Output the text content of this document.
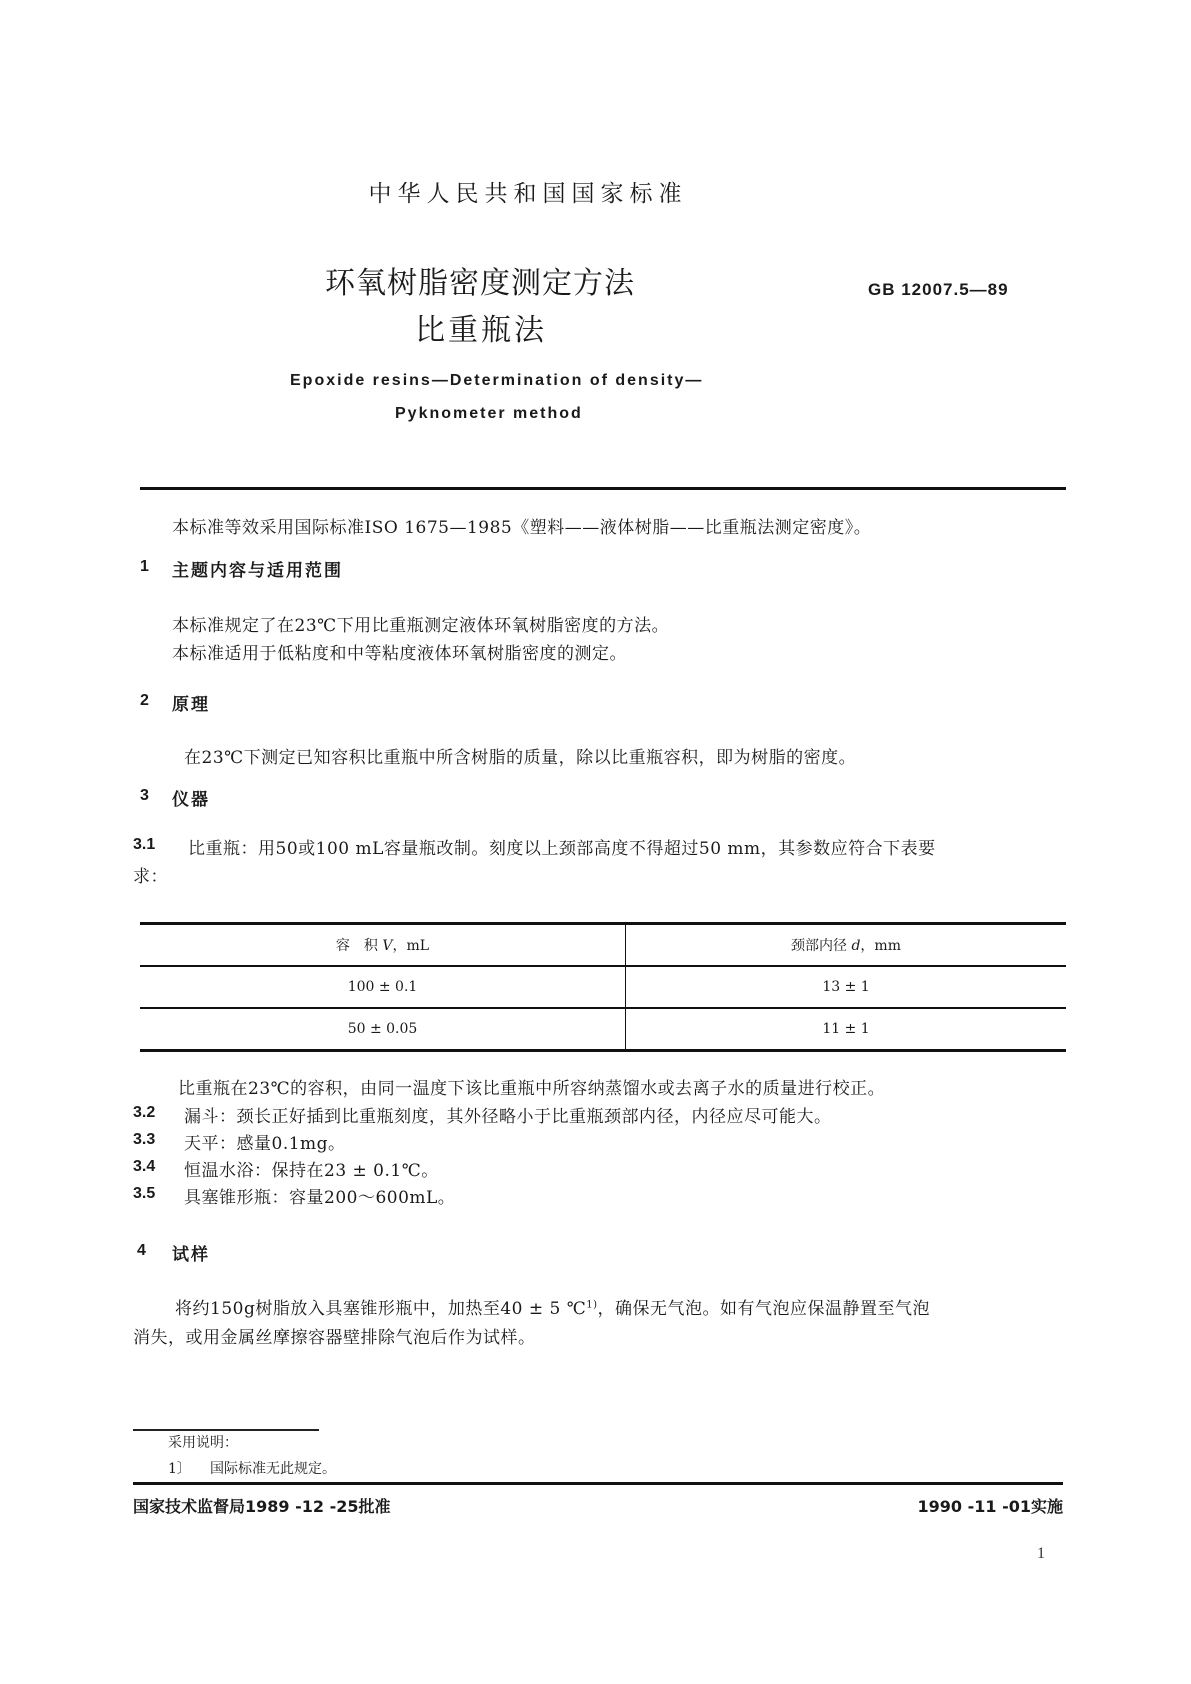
中华人民共和国国家标准
环氧树脂密度测定方法
比重瓶法
GB 12007.5—89
Epoxide resins—Determination of density—
Pyknometer method
本标准等效采用国际标准ISO 1675—1985《塑料——液体树脂——比重瓶法测定密度》。
1 主题内容与适用范围
本标准规定了在23℃下用比重瓶测定液体环氧树脂密度的方法。
本标准适用于低粘度和中等粘度液体环氧树脂密度的测定。
2 原理
在23℃下测定已知容积比重瓶中所含树脂的质量，除以比重瓶容积，即为树脂的密度。
3 仪器
3.1 比重瓶：用50或100 mL容量瓶改制。刻度以上颈部高度不得超过50 mm，其参数应符合下表要
求：
容　积 V，mL	颈部内径 d，mm
100 ± 0.1	13 ± 1
50 ± 0.05	11 ± 1
比重瓶在23℃的容积，由同一温度下该比重瓶中所容纳蒸馏水或去离子水的质量进行校正。
3.2 漏斗：颈长正好插到比重瓶刻度，其外径略小于比重瓶颈部内径，内径应尽可能大。
3.3 天平：感量0.1mg。
3.4 恒温水浴：保持在23 ± 0.1℃。
3.5 具塞锥形瓶：容量200～600mL。
4 试样
将约150g树脂放入具塞锥形瓶中，加热至40 ± 5 ℃$^{1)}$，确保无气泡。如有气泡应保温静置至气泡
消失，或用金属丝摩擦容器壁排除气泡后作为试样。
采用说明：
1〕 国际标准无此规定。
国家技术监督局1989 -12 -25批准	1990 -11 -01实施
1
